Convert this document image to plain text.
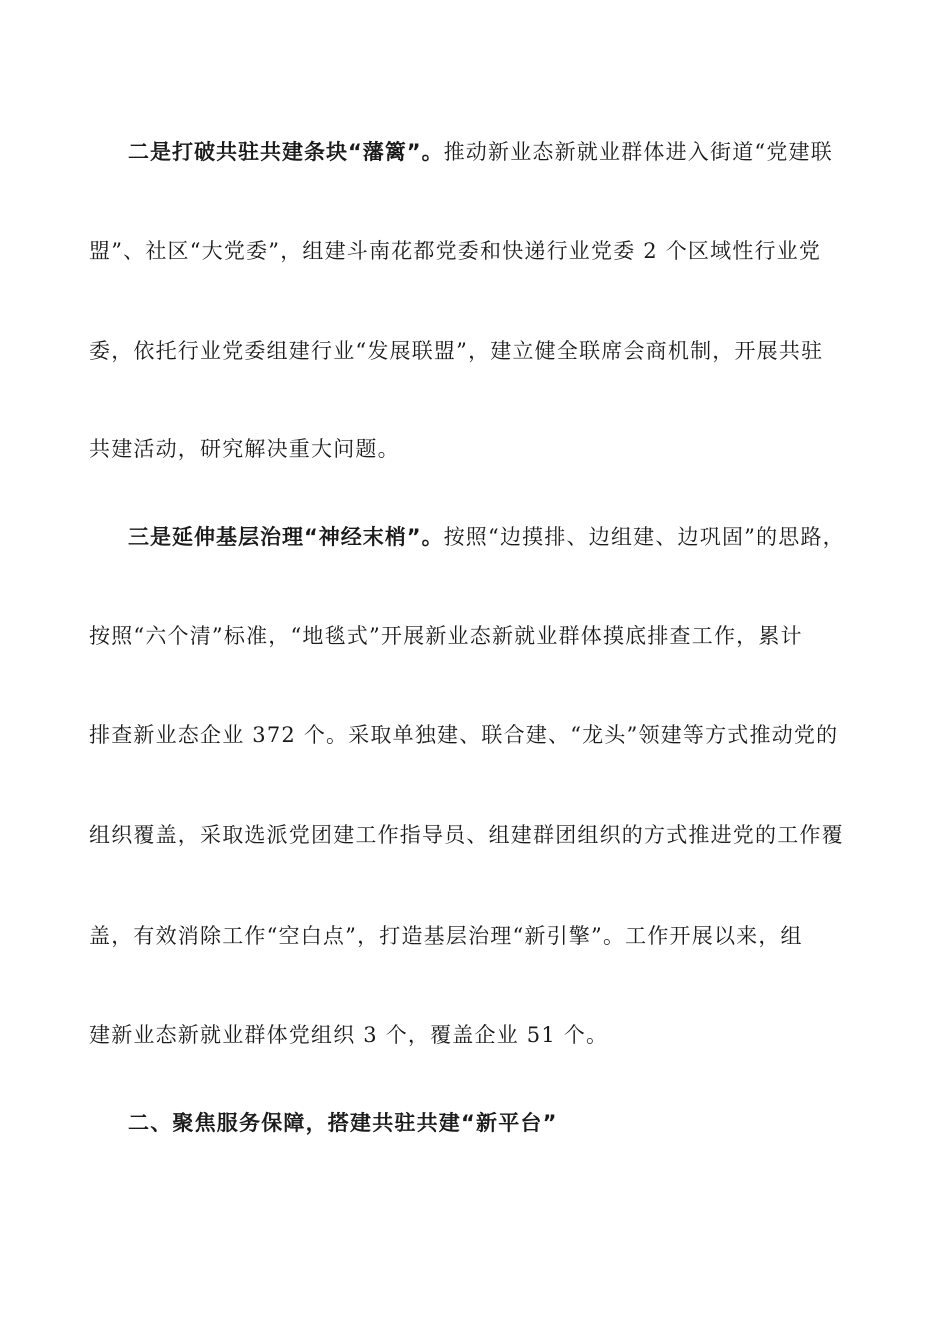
二是打破共驻共建条块“藩篱”。推动新业态新就业群体进入街道“党建联
盟”、社区“大党委”，组建斗南花都党委和快递行业党委 2 个区域性行业党
委，依托行业党委组建行业“发展联盟”，建立健全联席会商机制，开展共驻
共建活动，研究解决重大问题。
三是延伸基层治理“神经末梢”。按照“边摸排、边组建、边巩固”的思路，
按照“六个清”标准，“地毯式”开展新业态新就业群体摸底排查工作，累计
排查新业态企业 372 个。采取单独建、联合建、“龙头”领建等方式推动党的
组织覆盖，采取选派党团建工作指导员、组建群团组织的方式推进党的工作覆
盖，有效消除工作“空白点”，打造基层治理“新引擎”。工作开展以来，组
建新业态新就业群体党组织 3 个，覆盖企业 51 个。
二、聚焦服务保障，搭建共驻共建“新平台”
